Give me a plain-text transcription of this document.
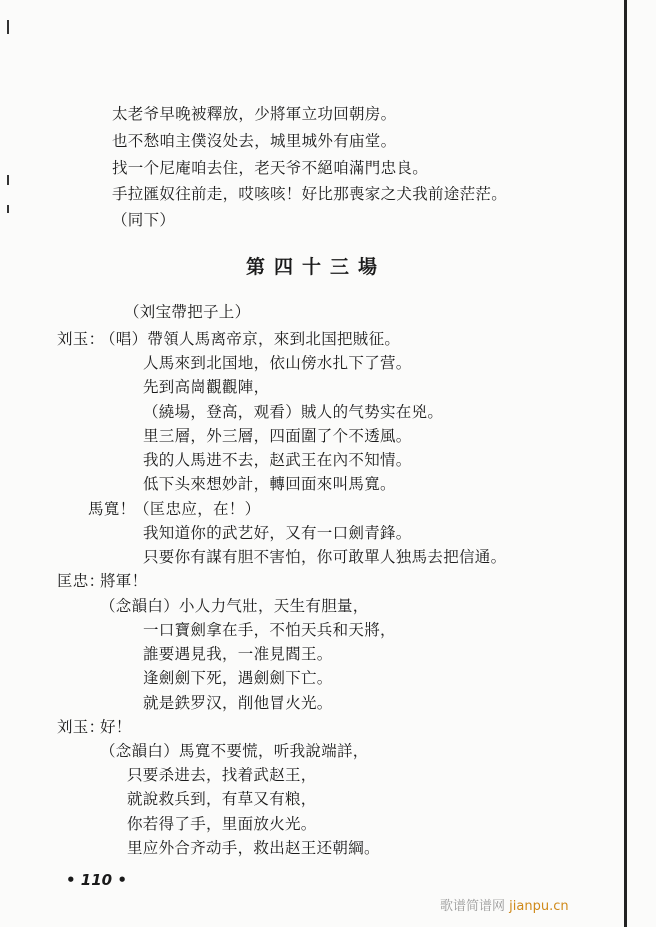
太老爷早晚被釋放，少將軍立功回朝房。
也不愁咱主僕沒处去，城里城外有庙堂。
找一个尼庵咱去住，老天爷不絕咱滿門忠良。
手拉匯奴往前走，哎咳咳！好比那喪家之犬我前途茫茫。
（同下）
第四十三場
（刘宝帶把子上）
刘玉：
（唱）帶領人馬离帝京，來到北国把賊征。
人馬來到北国地，依山傍水扎下了营。
先到高崗觀觀陣，
（繞場，登高，观看）賊人的气势实在兇。
里三層，外三層，四面圍了个不透風。
我的人馬进不去，赵武王在內不知情。
低下头來想妙計，轉回面來叫馬寬。
馬寬！
（匡忠应，在！）
我知道你的武艺好，又有一口劍青鋒。
只要你有謀有胆不害怕，你可敢單人独馬去把信通。
匡忠：
將軍！
（念韻白）小人力气壯，天生有胆量，
一口寶劍拿在手，不怕天兵和天將，
誰要遇見我，一准見閻王。
逢劍劍下死，遇劍劍下亡。
就是鉄罗汉，削他冒火光。
刘玉：
好！
（念韻白）馬寬不要慌，听我說端詳，
只要杀进去，找着武赵王，
就說救兵到，有草又有粮，
你若得了手，里面放火光。
里应外合齐动手，救出赵王还朝綱。
• 110 •
歌谱简谱网 jianpu.cn
